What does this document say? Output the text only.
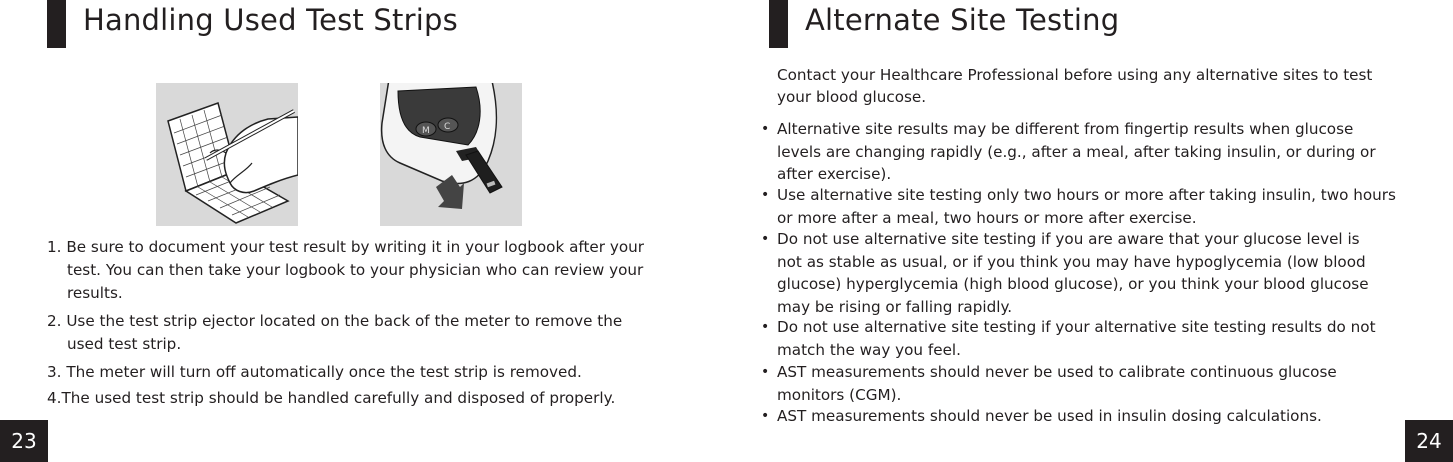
Handling Used Test Strips
M C
1. Be sure to document your test result by writing it in your logbook after your
test. You can then take your logbook to your physician who can review your
results.
2. Use the test strip ejector located on the back of the meter to remove the
used test strip.
3. The meter will turn off automatically once the test strip is removed.
4.The used test strip should be handled carefully and disposed of properly.
23
Alternate Site Testing
Contact your Healthcare Professional before using any alternative sites to test
your blood glucose.
• Alternative site results may be different from fingertip results when glucose
levels are changing rapidly (e.g., after a meal, after taking insulin, or during or
after exercise).
• Use alternative site testing only two hours or more after taking insulin, two hours
or more after a meal, two hours or more after exercise.
• Do not use alternative site testing if you are aware that your glucose level is
not as stable as usual, or if you think you may have hypoglycemia (low blood
glucose) hyperglycemia (high blood glucose), or you think your blood glucose
may be rising or falling rapidly.
• Do not use alternative site testing if your alternative site testing results do not
match the way you feel.
• AST measurements should never be used to calibrate continuous glucose
monitors (CGM).
• AST measurements should never be used in insulin dosing calculations.
24
